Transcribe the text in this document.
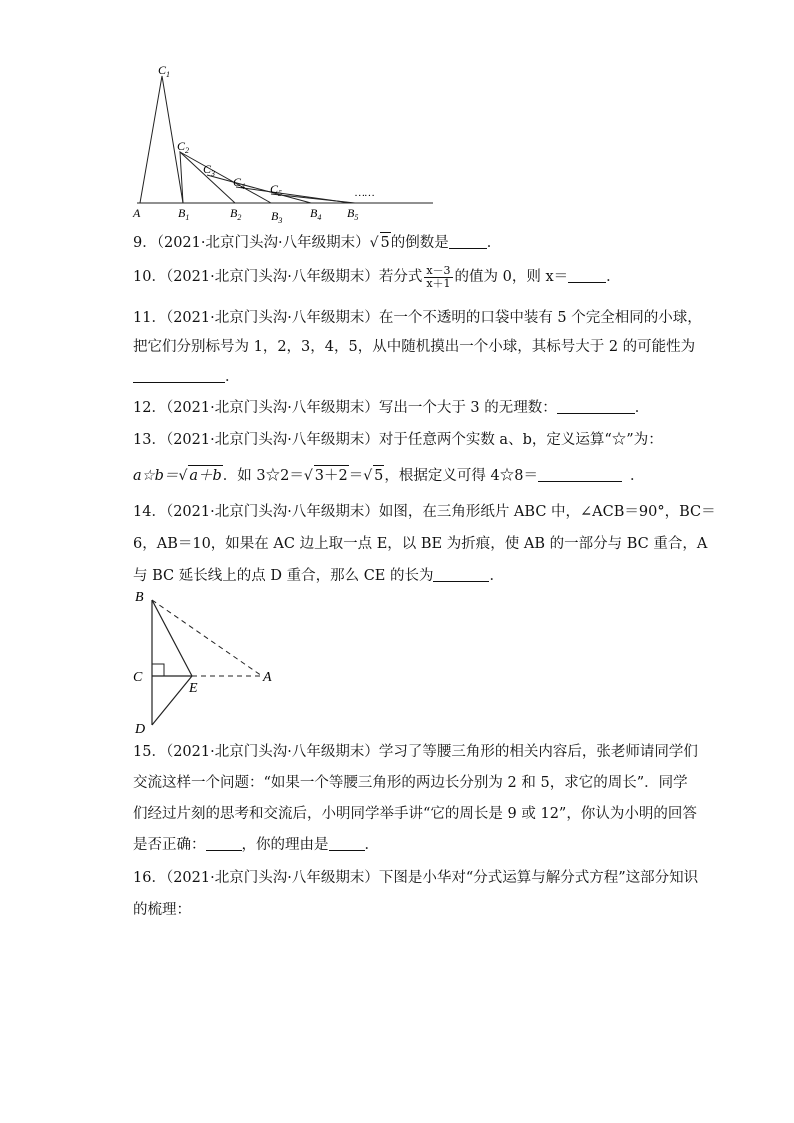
$C_1$
$C_2$
$C_3$
$C_4$ $C_5$	……
A	$B_1$	$B_2$ $B_3$
$B_4$ $B_5$
9．（2021·北京门头沟·八年级期末）√ 5的倒数是	．
10．（2021·北京门头沟·八年级期末）若分式 $\frac{x-3}{x+1}$ 的值为 0，则 x＝	．
11．（2021·北京门头沟·八年级期末）在一个不透明的口袋中装有 5 个完全相同的小球，
把它们分别标号为 1，2，3，4，5，从中随机摸出一个小球，其标号大于 2 的可能性为
．
12．（2021·北京门头沟·八年级期末）写出一个大于 3 的无理数：	．
13．（2021·北京门头沟·八年级期末）对于任意两个实数 a、b，定义运算“☆”为：
a☆b＝√ a＋b．如 3☆2＝√ 3＋2＝√ 5，根据定义可得 4☆8＝	．
14．（2021·北京门头沟·八年级期末）如图，在三角形纸片 ABC 中，∠ACB＝90°，BC＝
6，AB＝10，如果在 AC 边上取一点 E，以 BE 为折痕，使 AB 的一部分与 BC 重合，A
与 BC 延长线上的点 D 重合，那么 CE 的长为	．
B
C
D
E
A
15．（2021·北京门头沟·八年级期末）学习了等腰三角形的相关内容后，张老师请同学们
交流这样一个问题：“如果一个等腰三角形的两边长分别为 2 和 5，求它的周长”．同学
们经过片刻的思考和交流后，小明同学举手讲“它的周长是 9 或 12”，你认为小明的回答
是否正确： ，你的理由是 ．
16．（2021·北京门头沟·八年级期末）下图是小华对“分式运算与解分式方程”这部分知识
的梳理：
